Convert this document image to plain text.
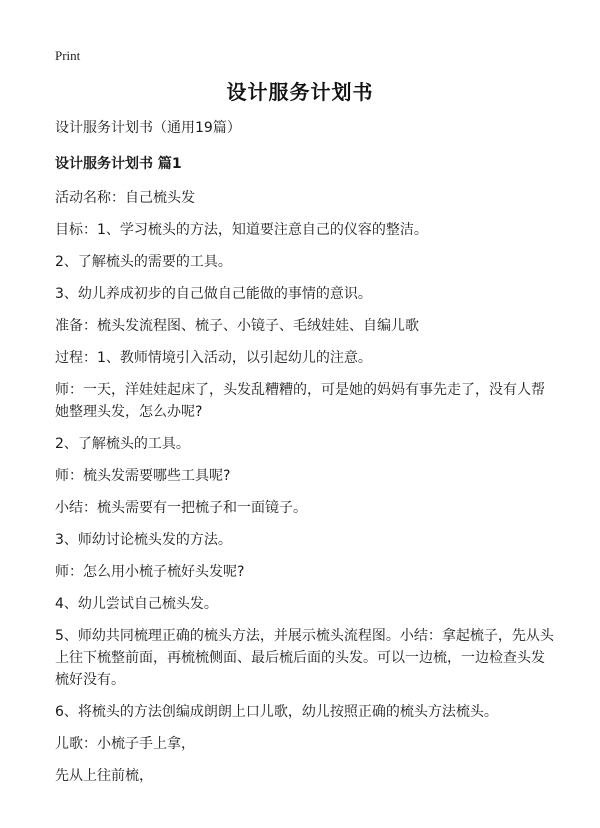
Print
设计服务计划书
设计服务计划书（通用19篇）
设计服务计划书 篇1
活动名称：自己梳头发
目标：1、学习梳头的方法，知道要注意自己的仪容的整洁。
2、了解梳头的需要的工具。
3、幼儿养成初步的自己做自己能做的事情的意识。
准备：梳头发流程图、梳子、小镜子、毛绒娃娃、自编儿歌
过程：1、教师情境引入活动，以引起幼儿的注意。
师：一天，洋娃娃起床了，头发乱糟糟的，可是她的妈妈有事先走了，没有人帮她整理头发，怎么办呢?
2、了解梳头的工具。
师：梳头发需要哪些工具呢?
小结：梳头需要有一把梳子和一面镜子。
3、师幼讨论梳头发的方法。
师：怎么用小梳子梳好头发呢?
4、幼儿尝试自己梳头发。
5、师幼共同梳理正确的梳头方法，并展示梳头流程图。小结：拿起梳子，先从头上往下梳整前面，再梳梳侧面、最后梳后面的头发。可以一边梳，一边检查头发梳好没有。
6、将梳头的方法创编成朗朗上口儿歌，幼儿按照正确的梳头方法梳头。
儿歌：小梳子手上拿，
先从上往前梳，
